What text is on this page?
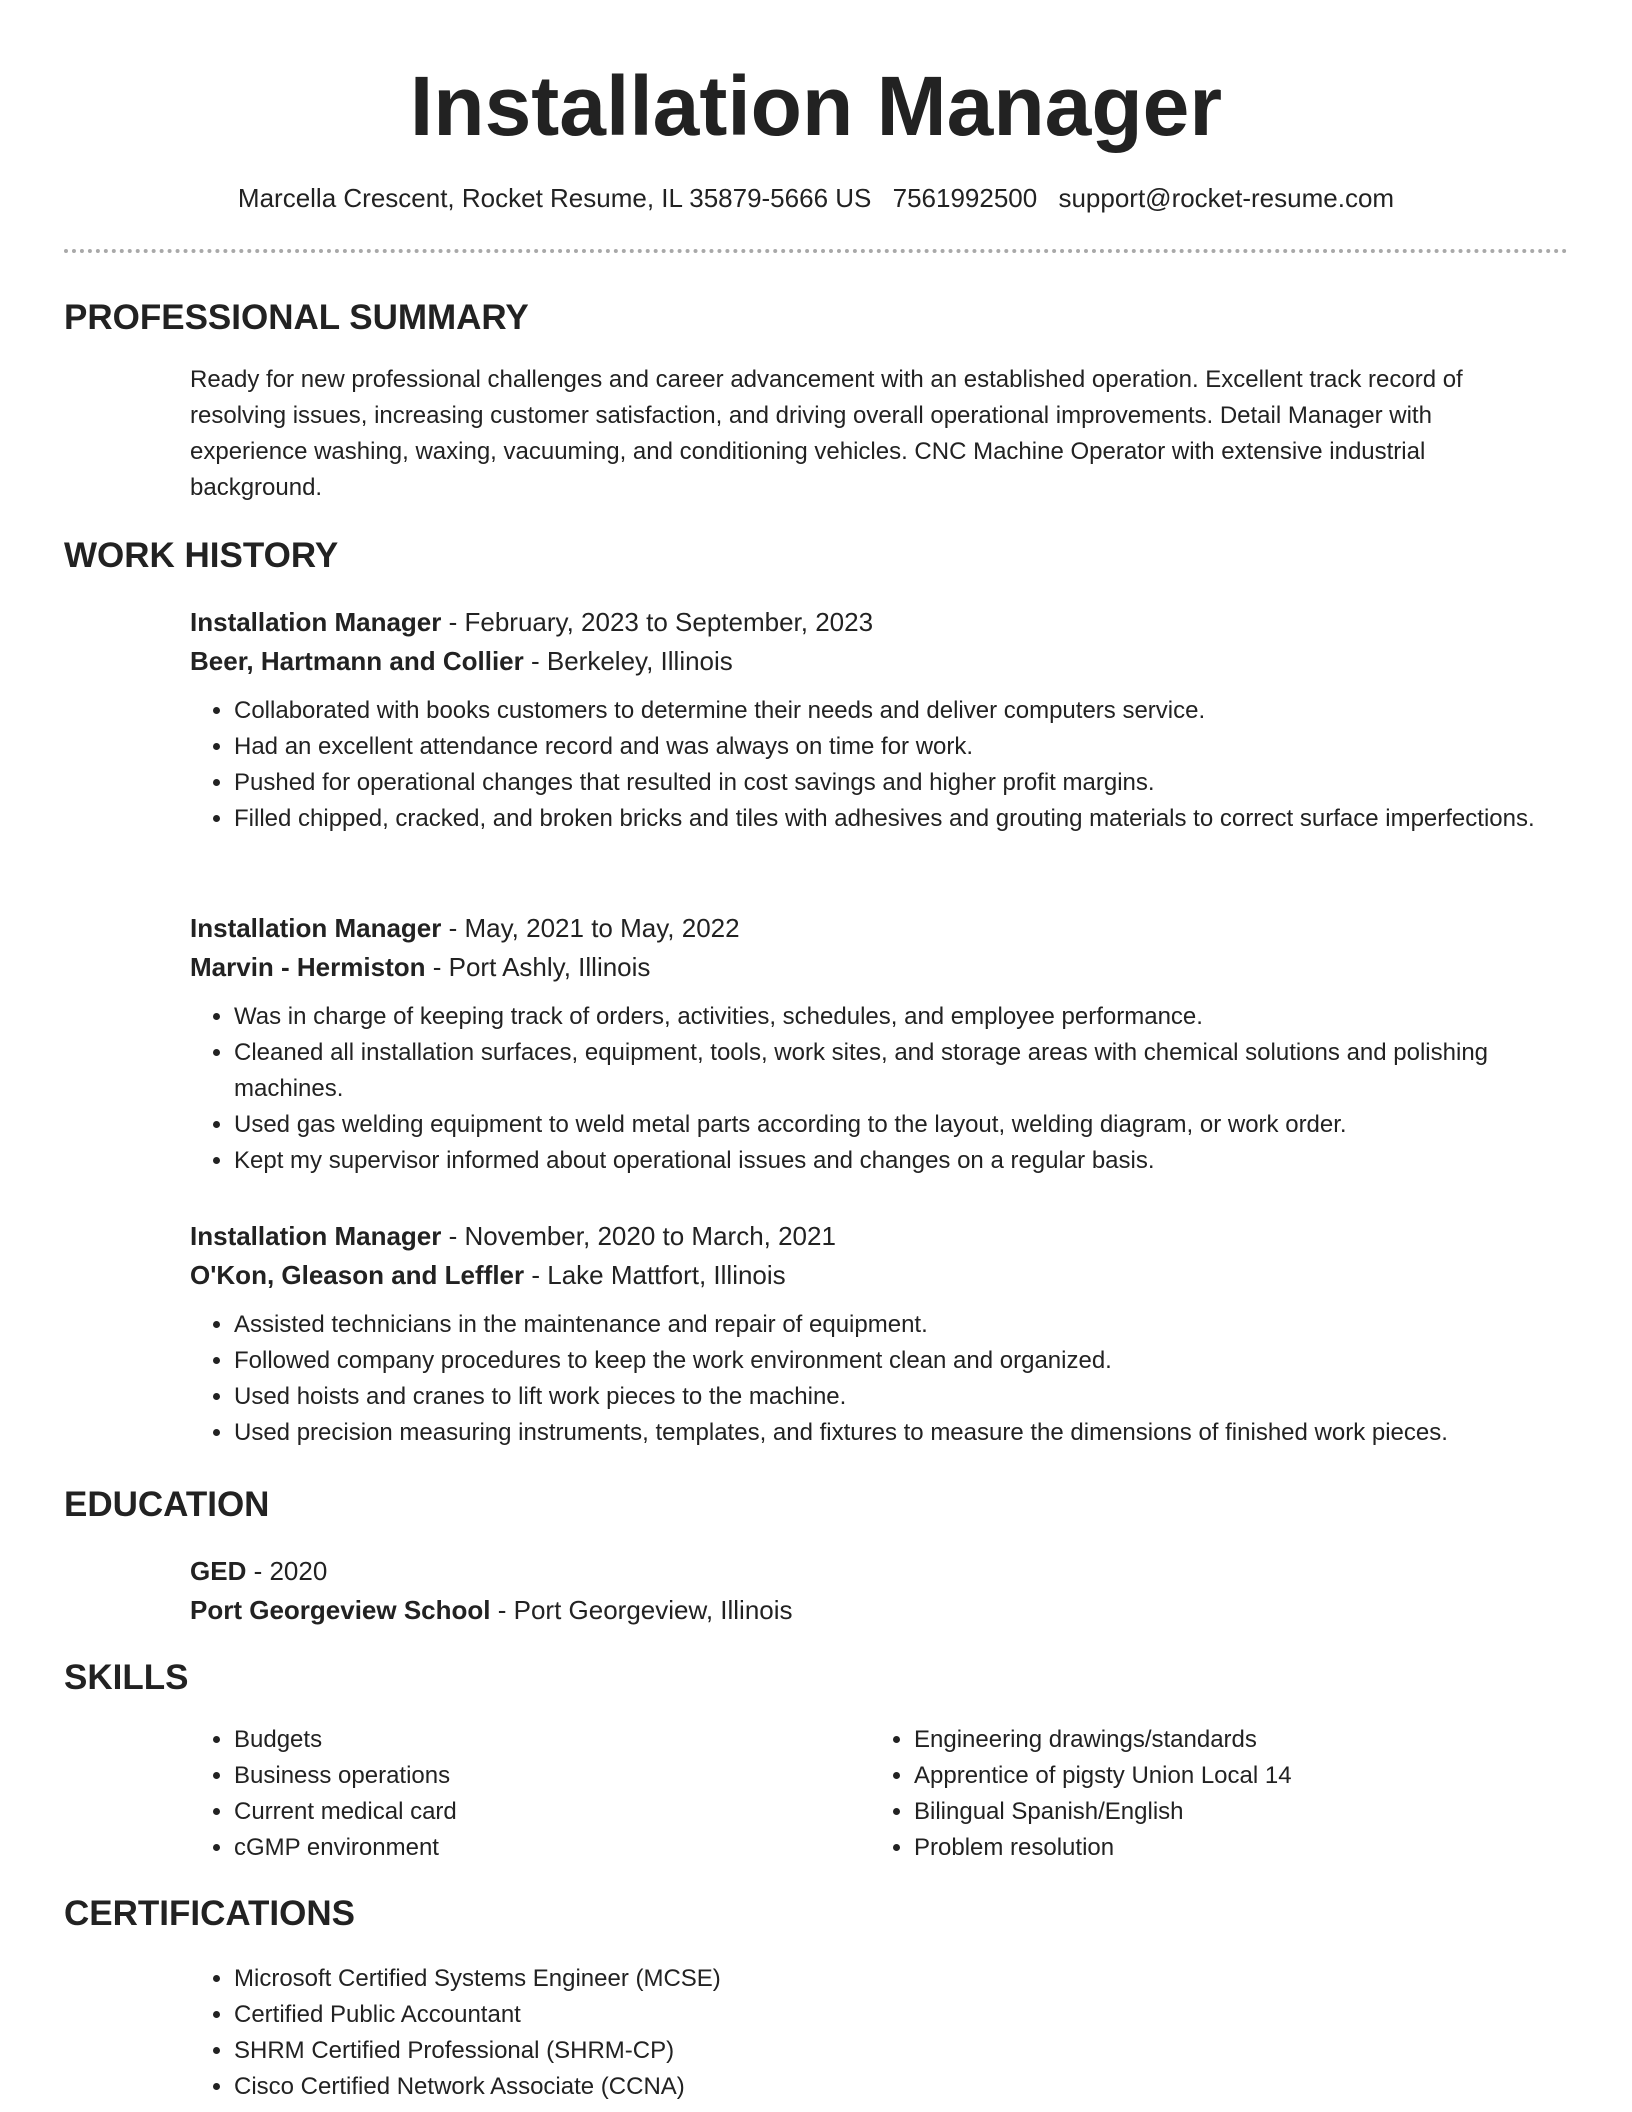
Installation Manager
Marcella Crescent, Rocket Resume, IL 35879-5666 US 7561992500 support@rocket-resume.com
PROFESSIONAL SUMMARY

Ready for new professional challenges and career advancement with an established operation. Excellent track record of resolving issues, increasing customer satisfaction, and driving overall operational improvements. Detail Manager with experience washing, waxing, vacuuming, and conditioning vehicles. CNC Machine Operator with extensive industrial background.

WORK HISTORY
Installation Manager - February, 2023 to September, 2023
Beer, Hartmann and Collier - Berkeley, Illinois
• Collaborated with books customers to determine their needs and deliver computers service.
• Had an excellent attendance record and was always on time for work.
• Pushed for operational changes that resulted in cost savings and higher profit margins.
• Filled chipped, cracked, and broken bricks and tiles with adhesives and grouting materials to correct surface imperfections.
Installation Manager - May, 2021 to May, 2022
Marvin - Hermiston - Port Ashly, Illinois
• Was in charge of keeping track of orders, activities, schedules, and employee performance.
• Cleaned all installation surfaces, equipment, tools, work sites, and storage areas with chemical solutions and polishing machines.
• Used gas welding equipment to weld metal parts according to the layout, welding diagram, or work order.
• Kept my supervisor informed about operational issues and changes on a regular basis.
Installation Manager - November, 2020 to March, 2021
O'Kon, Gleason and Leffler - Lake Mattfort, Illinois
• Assisted technicians in the maintenance and repair of equipment.
• Followed company procedures to keep the work environment clean and organized.
• Used hoists and cranes to lift work pieces to the machine.
• Used precision measuring instruments, templates, and fixtures to measure the dimensions of finished work pieces.
EDUCATION
GED - 2020
Port Georgeview School - Port Georgeview, Illinois
SKILLS
• Budgets
• Business operations
• Current medical card
• cGMP environment
• Engineering drawings/standards
• Apprentice of pigsty Union Local 14
• Bilingual Spanish/English
• Problem resolution
CERTIFICATIONS
• Microsoft Certified Systems Engineer (MCSE)
• Certified Public Accountant
• SHRM Certified Professional (SHRM-CP)
• Cisco Certified Network Associate (CCNA)
